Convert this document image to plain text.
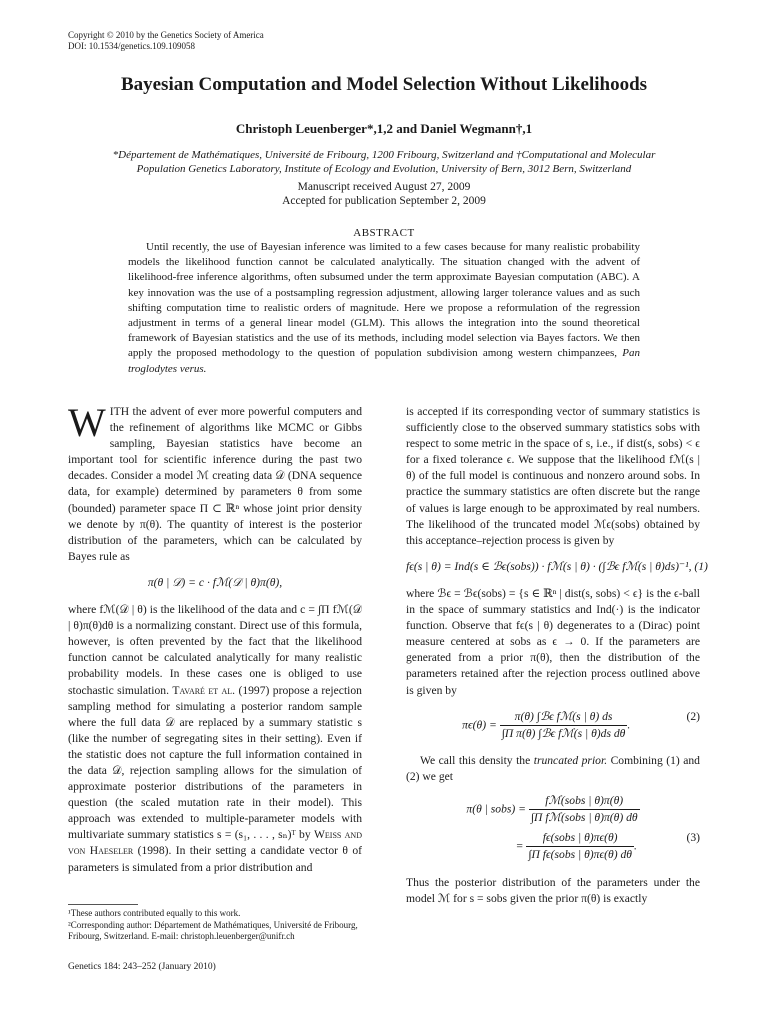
Copyright © 2010 by the Genetics Society of America
DOI: 10.1534/genetics.109.109058
Bayesian Computation and Model Selection Without Likelihoods
Christoph Leuenberger*,1,2 and Daniel Wegmann†,1
*Département de Mathématiques, Université de Fribourg, 1200 Fribourg, Switzerland and †Computational and Molecular Population Genetics Laboratory, Institute of Ecology and Evolution, University of Bern, 3012 Bern, Switzerland
Manuscript received August 27, 2009
Accepted for publication September 2, 2009
ABSTRACT
Until recently, the use of Bayesian inference was limited to a few cases because for many realistic probability models the likelihood function cannot be calculated analytically. The situation changed with the advent of likelihood-free inference algorithms, often subsumed under the term approximate Bayesian computation (ABC). A key innovation was the use of a postsampling regression adjustment, allowing larger tolerance values and as such shifting computation time to realistic orders of magnitude. Here we propose a reformulation of the regression adjustment in terms of a general linear model (GLM). This allows the integration into the sound theoretical framework of Bayesian statistics and the use of its methods, including model selection via Bayes factors. We then apply the proposed methodology to the question of population subdivision among western chimpanzees, Pan troglodytes verus.

WITH the advent of ever more powerful computers and the refinement of algorithms like MCMC or Gibbs sampling, Bayesian statistics have become an important tool for scientific inference during the past two decades. Consider a model ℳ creating data 𝒟 (DNA sequence data, for example) determined by parameters θ from some (bounded) parameter space Π ⊂ ℝⁿ whose joint prior density we denote by π(θ). The quantity of interest is the posterior distribution of the parameters, which can be calculated by Bayes rule as

π(θ | 𝒟) = c · fℳ(𝒟 | θ)π(θ),

where fℳ(𝒟 | θ) is the likelihood of the data and c = ∫Π fℳ(𝒟 | θ)π(θ)dθ is a normalizing constant. Direct use of this formula, however, is often prevented by the fact that the likelihood function cannot be calculated analytically for many realistic probability models. In these cases one is obliged to use stochastic simulation. Tavaré et al. (1997) propose a rejection sampling method for simulating a posterior random sample where the full data 𝒟 are replaced by a summary statistic s (like the number of segregating sites in their setting). Even if the statistic does not capture the full information contained in the data 𝒟, rejection sampling allows for the simulation of approximate posterior distributions of the parameters in question (the scaled mutation rate in their model). This approach was extended to multiple-parameter models with multivariate summary statistics s = (s₁, . . . , sₙ)ᵀ by Weiss and von Haeseler (1998). In their setting a candidate vector θ of parameters is simulated from a prior distribution and

¹These authors contributed equally to this work.
²Corresponding author: Département de Mathématiques, Université de Fribourg, Fribourg, Switzerland. E-mail: christoph.leuenberger@unifr.ch
Genetics 184: 243–252 (January 2010)

is accepted if its corresponding vector of summary statistics is sufficiently close to the observed summary statistics sobs with respect to some metric in the space of s, i.e., if dist(s, sobs) < ϵ for a fixed tolerance ϵ. We suppose that the likelihood fℳ(s | θ) of the full model is continuous and nonzero around sobs. In practice the summary statistics are often discrete but the range of values is large enough to be approximated by real numbers. The likelihood of the truncated model ℳϵ(sobs) obtained by this acceptance–rejection process is given by

fϵ(s | θ) = Ind(s ∈ ℬϵ(sobs)) · fℳ(s | θ) · (∫ℬϵ fℳ(s | θ)ds)⁻¹, (1)

where ℬϵ = ℬϵ(sobs) = {s ∈ ℝⁿ | dist(s, sobs) < ϵ} is the ϵ-ball in the space of summary statistics and Ind(·) is the indicator function. Observe that fϵ(s | θ) degenerates to a (Dirac) point measure centered at sobs as ϵ → 0. If the parameters are generated from a prior π(θ), then the distribution of the parameters retained after the rejection process outlined above is given by

(2)
$\pi\epsilon(\theta) = \frac{\text{π(θ) ∫ℬϵ fℳ(s | θ) ds}}{\text{∫Π π(θ) ∫ℬϵ fℳ(s | θ)ds dθ}}$ .

We call this density the truncated prior. Combining (1) and (2) we get

π(θ | sobs) = $\frac{\text{fℳ(sobs | θ)π(θ)}}{\text{∫Π fℳ(sobs | θ)π(θ) dθ}}$
(3)
= $\frac{\text{fϵ(sobs | θ)πϵ(θ)}}{\text{∫Π fϵ(sobs | θ)πϵ(θ) dθ}}$ .

Thus the posterior distribution of the parameters under the model ℳ for s = sobs given the prior π(θ) is exactly
